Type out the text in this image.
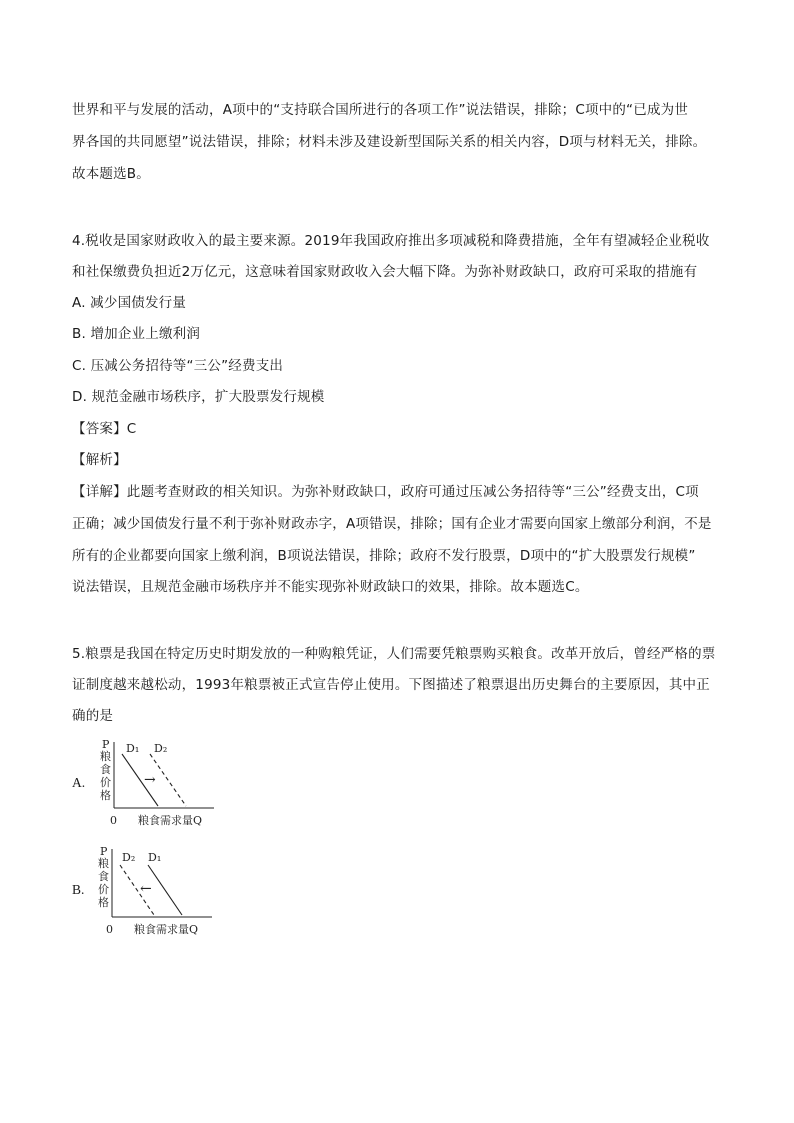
世界和平与发展的活动，A项中的“支持联合国所进行的各项工作”说法错误，排除；C项中的“已成为世
界各国的共同愿望”说法错误，排除；材料未涉及建设新型国际关系的相关内容，D项与材料无关，排除。
故本题选B。
4.税收是国家财政收入的最主要来源。2019年我国政府推出多项减税和降费措施，全年有望减轻企业税收
和社保缴费负担近2万亿元，这意味着国家财政收入会大幅下降。为弥补财政缺口，政府可采取的措施有
A. 减少国债发行量
B. 增加企业上缴利润
C. 压减公务招待等“三公”经费支出
D. 规范金融市场秩序，扩大股票发行规模
【答案】C
【解析】
【详解】此题考查财政的相关知识。为弥补财政缺口，政府可通过压减公务招待等“三公”经费支出，C项
正确；减少国债发行量不利于弥补财政赤字，A项错误，排除；国有企业才需要向国家上缴部分利润，不是
所有的企业都要向国家上缴利润，B项说法错误，排除；政府不发行股票，D项中的“扩大股票发行规模”
说法错误，且规范金融市场秩序并不能实现弥补财政缺口的效果，排除。故本题选C。
5.粮票是我国在特定历史时期发放的一种购粮凭证，人们需要凭粮票购买粮食。改革开放后，曾经严格的票
证制度越来越松动，1993年粮票被正式宣告停止使用。下图描述了粮票退出历史舞台的主要原因，其中正
确的是
A.
P
粮
食
价
格
D₁ D₂
→
0 粮食需求量Q
B.
P
粮
食
价
格
D₂ D₁
←
0 粮食需求量Q
